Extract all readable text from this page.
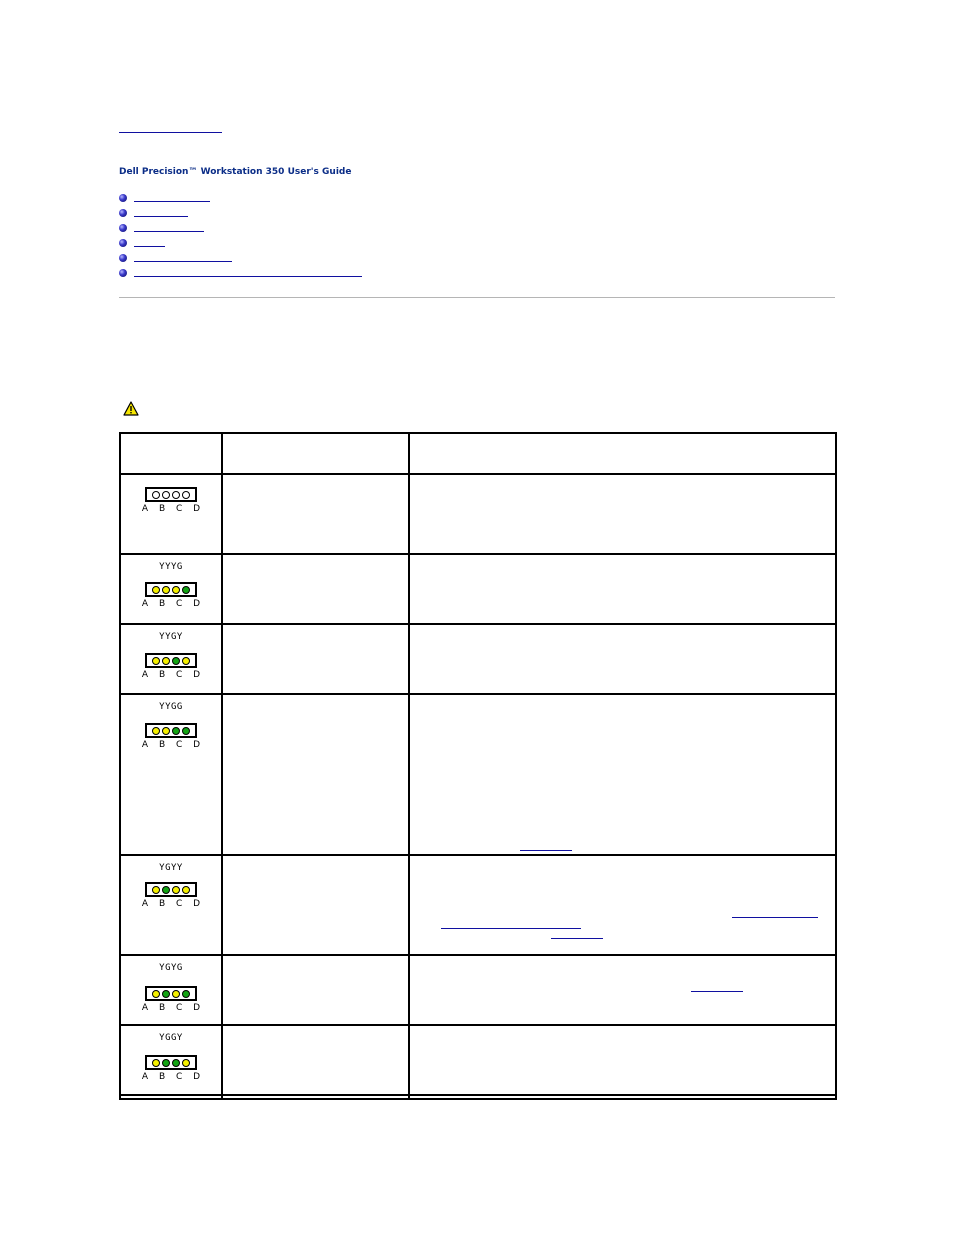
Dell Precision™ Workstation 350 User's Guide

A B C D		

YYYG
A B C D		

YYGY
A B C D		

YYGG
A B C D		

YGYY
A B C D		

YGYG
A B C D		

YGGY
A B C D		
